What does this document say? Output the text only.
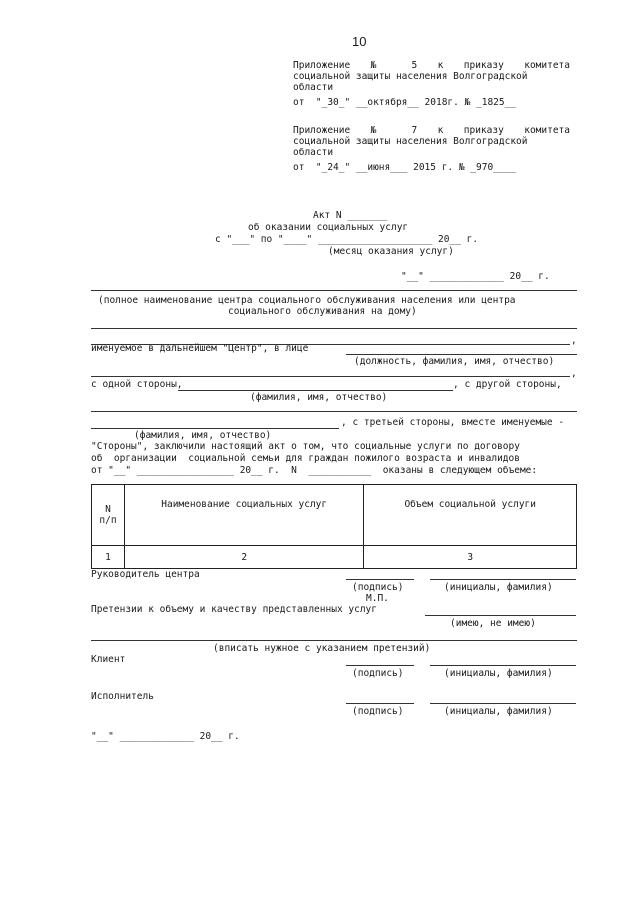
10
Приложение № 5 к приказу комитета
социальной защиты населения Волгоградской
области
от  "_30_" __октября__ 2018г. № _1825__
Приложение № 7 к приказу комитета
социальной защиты населения Волгоградской
области
от  "_24_" __июня___ 2015 г. № _970____
Акт N _______
об оказании социальных услуг
с "___" по "____" ____________________ 20__ г.
(месяц оказания услуг)
"__" _____________ 20__ г.
(полное наименование центра социального обслуживания населения или центра
социального обслуживания на дому)
,
именуемое в дальнейшем "Центр", в лице
(должность, фамилия, имя, отчество)
,
с одной стороны,	, с другой стороны,
(фамилия, имя, отчество)
, с третьей стороны, вместе именуемые -
(фамилия, имя, отчество)
"Стороны", заключили настоящий акт о том, что социальные услуги по договору
об  организации  социальной семьи для граждан пожилого возраста и инвалидов
от "__" _________________ 20__ г.  N  ___________  оказаны в следующем объеме:
N
п/п	Наименование социальных услуг	Объем социальной услуги
1	2	3
Руководитель центра
(подпись)	(инициалы, фамилия)
М.П.
Претензии к объему и качеству представленных услуг
(имею, не имею)
(вписать нужное с указанием претензий)
Клиент
(подпись)	(инициалы, фамилия)
Исполнитель
(подпись)	(инициалы, фамилия)
"__" _____________ 20__ г.
